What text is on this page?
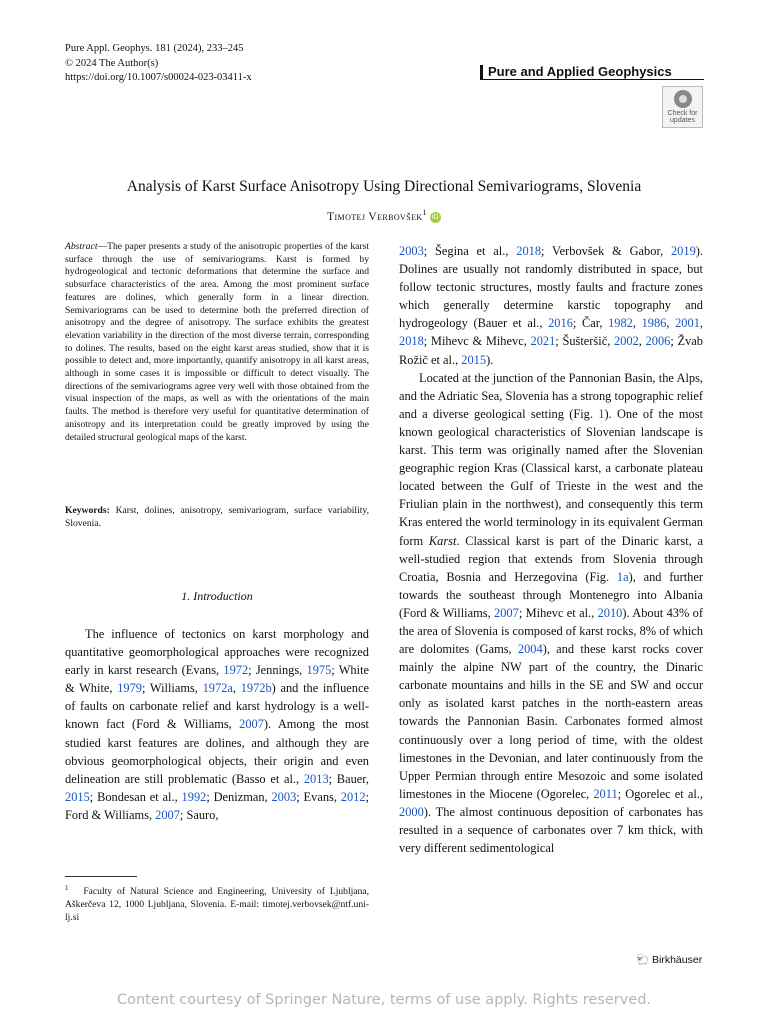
Pure Appl. Geophys. 181 (2024), 233–245
© 2024 The Author(s)
https://doi.org/10.1007/s00024-023-03411-x	Pure and Applied Geophysics
Check for updates
Analysis of Karst Surface Anisotropy Using Directional Semivariograms, Slovenia
Timotej Verbovšek$^1$iD
Abstract—The paper presents a study of the anisotropic properties of the karst surface through the use of semivariograms. Karst is formed by hydrogeological and tectonic deformations that determine the surface and subsurface characteristics of the area. Among the most prominent surface features are dolines, which generally form in a linear direction. Semivariograms can be used to determine both the preferred direction of anisotropy and the degree of anisotropy. The surface exhibits the greatest elevation variability in the direction of the most diverse terrain, corresponding to dolines. The results, based on the eight karst areas studied, show that it is possible to detect and, more importantly, quantify anisotropy in all karst areas, although in some cases it is impossible or difficult to detect visually. The directions of the semivariograms agree very well with those obtained from the visual inspection of the maps, as well as with the orientations of the main faults. The method is therefore very useful for quantitative determination of anisotropy and its interpretation could be greatly improved by using the detailed structural geological maps of the karst.
Keywords: Karst, dolines, anisotropy, semivariogram, surface variability, Slovenia.
1. Introduction

The influence of tectonics on karst morphology and quantitative geomorphological approaches were recognized early in karst research (Evans, 1972; Jennings, 1975; White & White, 1979; Williams, 1972a, 1972b) and the influence of faults on carbonate relief and karst hydrology is a well-known fact (Ford & Williams, 2007). Among the most studied karst features are dolines, and although they are obvious geomorphological objects, their origin and even delineation are still problematic (Basso et al., 2013; Bauer, 2015; Bondesan et al., 1992; Denizman, 2003; Evans, 2012; Ford & Williams, 2007; Sauro,

2003; Šegina et al., 2018; Verbovšek & Gabor, 2019). Dolines are usually not randomly distributed in space, but follow tectonic structures, mostly faults and fracture zones which generally determine karstic topography and hydrogeology (Bauer et al., 2016; Čar, 1982, 1986, 2001, 2018; Mihevc & Mihevc, 2021; Šušteršič, 2002, 2006; Žvab Rožič et al., 2015).

Located at the junction of the Pannonian Basin, the Alps, and the Adriatic Sea, Slovenia has a strong topographic relief and a diverse geological setting (Fig. 1). One of the most known geological characteristics of Slovenian landscape is karst. This term was originally named after the Slovenian geographic region Kras (Classical karst, a carbonate plateau located between the Gulf of Trieste in the west and the Friulian plain in the northwest), and consequently this term Kras entered the world terminology in its equivalent German form Karst. Classical karst is part of the Dinaric karst, a well-studied region that extends from Slovenia through Croatia, Bosnia and Herzegovina (Fig. 1a), and further towards the southeast through Montenegro into Albania (Ford & Williams, 2007; Mihevc et al., 2010). About 43% of the area of Slovenia is composed of karst rocks, 8% of which are dolomites (Gams, 2004), and these karst rocks cover mainly the alpine NW part of the country, the Dinaric carbonate mountains and hills in the SE and SW and occur only as isolated karst patches in the north-eastern areas towards the Pannonian Basin. Carbonates formed almost continuously over a long period of time, with the oldest limestones in the Devonian, and later continuously from the Upper Permian through entire Mesozoic and some isolated limestones in the Miocene (Ogorelec, 2011; Ogorelec et al., 2000). The almost continuous deposition of carbonates has resulted in a sequence of carbonates over 7 km thick, with very different sedimentological

$^1$ Faculty of Natural Science and Engineering, University of Ljubljana, Aškerčeva 12, 1000 Ljubljana, Slovenia. E-mail: timotej.verbovsek@ntf.uni-lj.si
🐑 Birkhäuser
Content courtesy of Springer Nature, terms of use apply. Rights reserved.
